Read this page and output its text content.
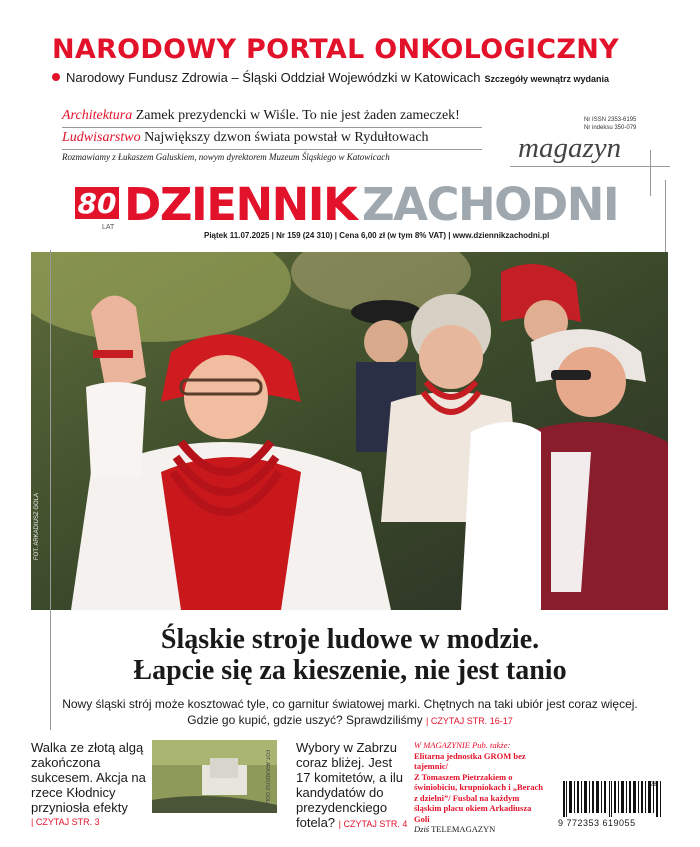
NARODOWY PORTAL ONKOLOGICZNY
Narodowy Fundusz Zdrowia – Śląski Oddział Wojewódzki w Katowicach Szczegóły wewnątrz wydania
Architektura Zamek prezydencki w Wiśle. To nie jest żaden zameczek!
Ludwisarstwo Największy dzwon świata powstał w Rydułtowach
Rozmawiamy z Łukaszem Galuskiem, nowym dyrektorem Muzeum Śląskiego w Katowicach
Nr ISSN 2353-6195
Nr indeksu 350-079
magazyn
80
LAT DZIENNIK ZACHODNI
Piątek 11.07.2025 | Nr 159 (24 310) | Cena 6,00 zł (w tym 8% VAT) | www.dziennikzachodni.pl
FOT. ARKADIUSZ GOLA
Śląskie stroje ludowe w modzie.
Łapcie się za kieszenie, nie jest tanio
Nowy śląski strój może kosztować tyle, co garnitur światowej marki. Chętnych na taki ubiór jest coraz więcej. Gdzie go kupić, gdzie uszyć? Sprawdziliśmy | CZYTAJ STR. 16-17
Walka ze złotą algą zakończona sukcesem. Akcja na rzece Kłodnicy przyniosła efekty
| CZYTAJ STR. 3
FOT. ARKADIUSZ GOLA
Wybory w Zabrzu coraz bliżej. Jest 17 komitetów, a ilu kandydatów do prezydenckiego fotela? | CZYTAJ STR. 4
W MAGAZYNIE Pub. także:
Elitarna jednostka GROM bez tajemnic/
Z Tomaszem Pietrzakiem o świniobiciu, krupniokach i „Berach z dzielni”/ Fusbal na każdym śląskim placu okiem Arkadiusza Goli
Dziś TELEMAGAZYN
9 772353 619055
28
